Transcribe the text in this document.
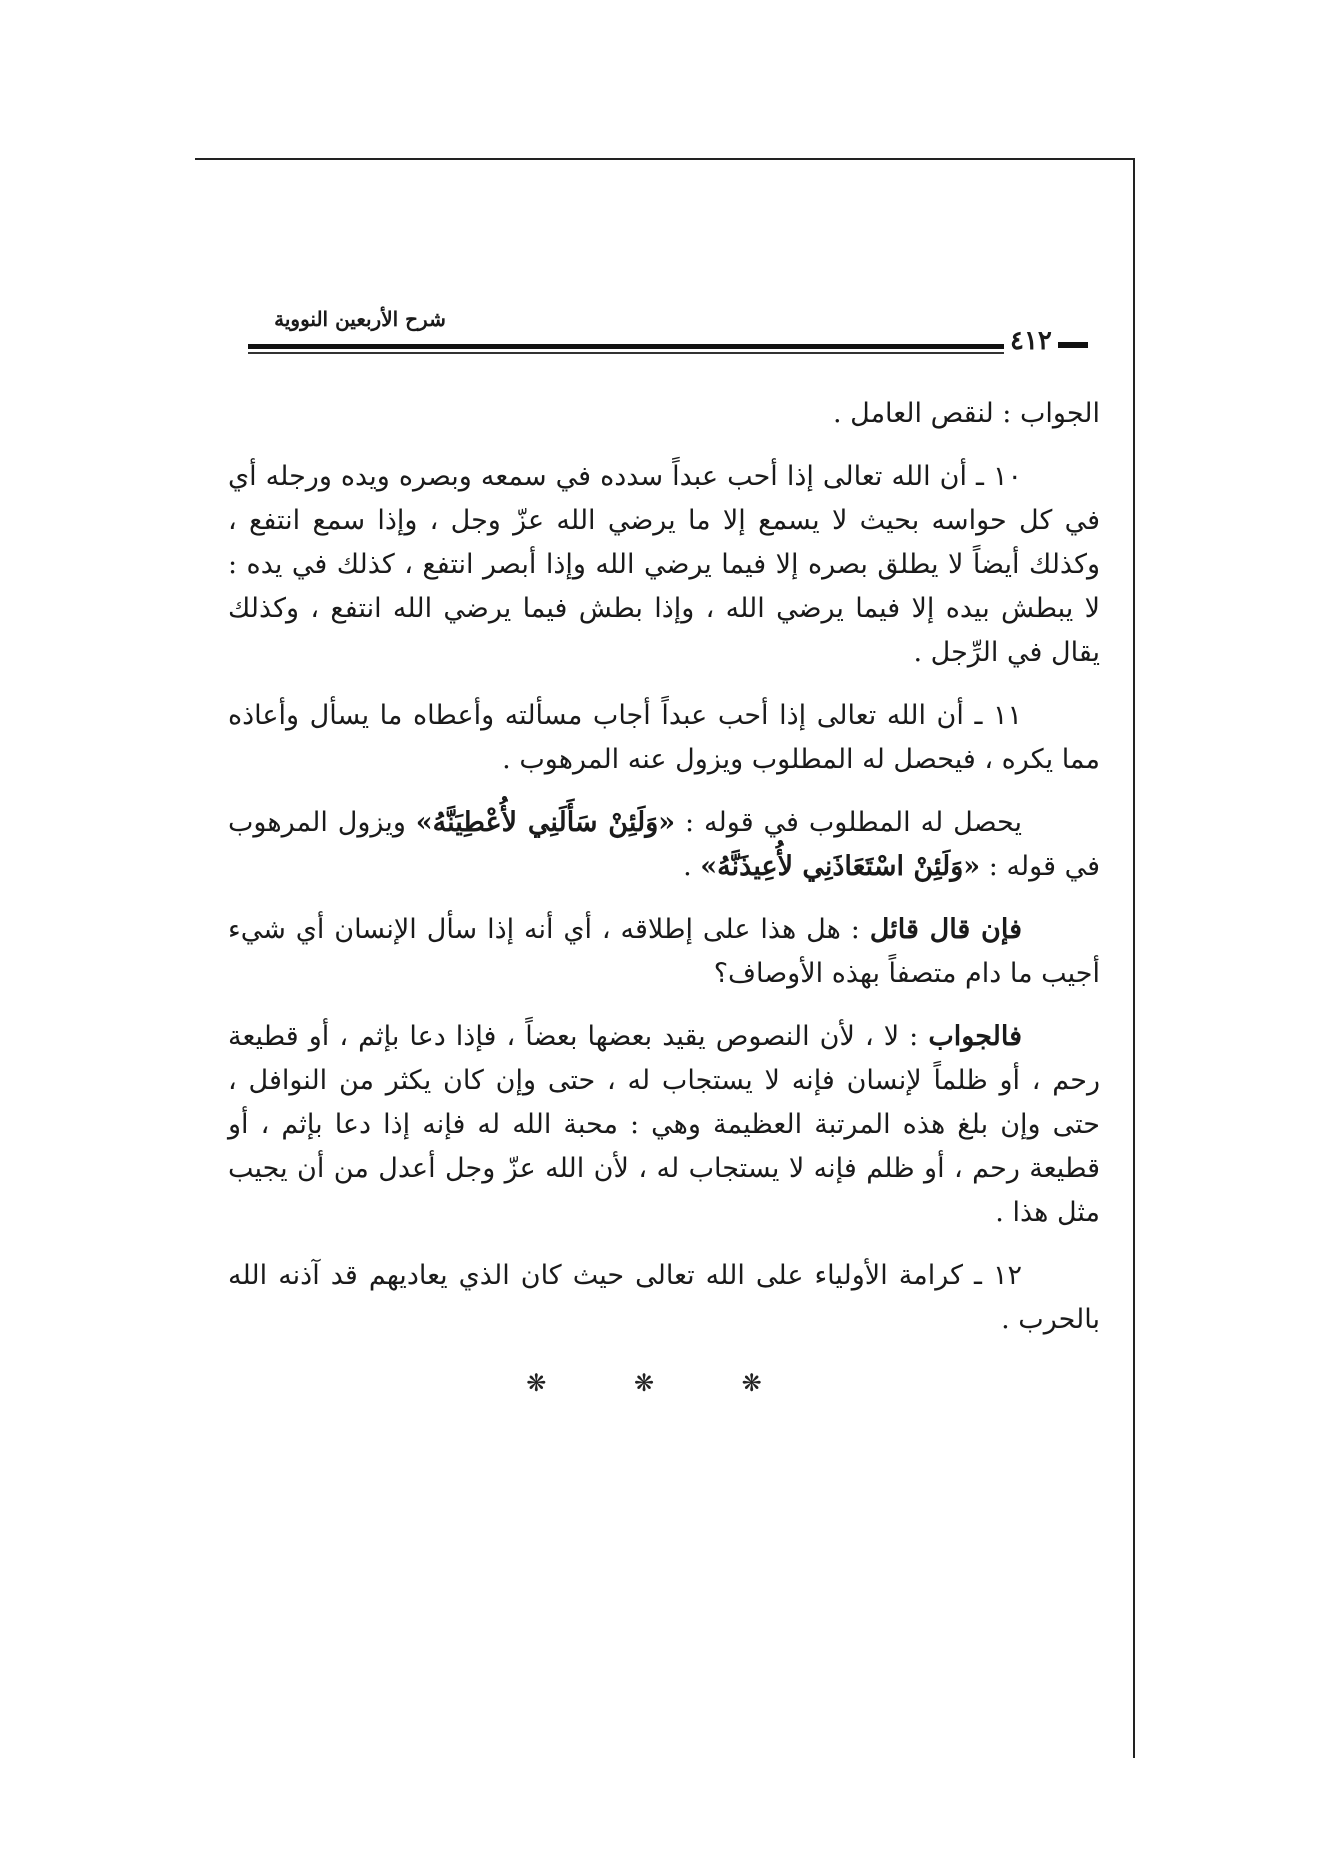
شرح الأربعين النووية
٤١٢

الجواب : لنقص العامل .

١٠ ـ أن الله تعالى إذا أحب عبداً سدده في سمعه وبصره ويده ورجله أي في كل حواسه بحيث لا يسمع إلا ما يرضي الله عزّ وجل ، وإذا سمع انتفع ، وكذلك أيضاً لا يطلق بصره إلا فيما يرضي الله وإذا أبصر انتفع ، كذلك في يده : لا يبطش بيده إلا فيما يرضي الله ، وإذا بطش فيما يرضي الله انتفع ، وكذلك يقال في الرِّجل .

١١ ـ أن الله تعالى إذا أحب عبداً أجاب مسألته وأعطاه ما يسأل وأعاذه مما يكره ، فيحصل له المطلوب ويزول عنه المرهوب .

يحصل له المطلوب في قوله : «وَلَئِنْ سَأَلَنِي لأُعْطِيَنَّهُ» ويزول المرهوب في قوله : «وَلَئِنْ اسْتَعَاذَنِي لأُعِيذَنَّهُ» .

فإن قال قائل : هل هذا على إطلاقه ، أي أنه إذا سأل الإنسان أي شيء أجيب ما دام متصفاً بهذه الأوصاف؟

فالجواب : لا ، لأن النصوص يقيد بعضها بعضاً ، فإذا دعا بإثم ، أو قطيعة رحم ، أو ظلماً لإنسان فإنه لا يستجاب له ، حتى وإن كان يكثر من النوافل ، حتى وإن بلغ هذه المرتبة العظيمة وهي : محبة الله له فإنه إذا دعا بإثم ، أو قطيعة رحم ، أو ظلم فإنه لا يستجاب له ، لأن الله عزّ وجل أعدل من أن يجيب مثل هذا .

١٢ ـ كرامة الأولياء على الله تعالى حيث كان الذي يعاديهم قد آذنه الله بالحرب .

❋ ❋ ❋
